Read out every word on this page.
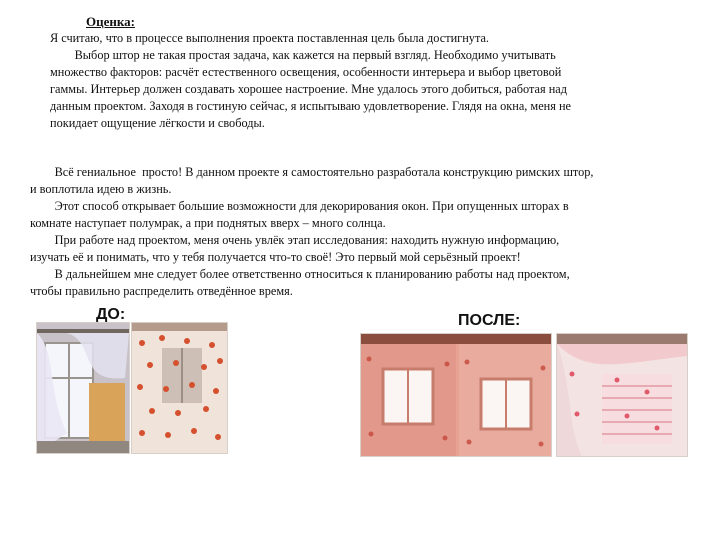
Оценка:

Я считаю, что в процессе выполнения проекта поставленная цель была достигнута.
Выбор штор не такая простая задача, как кажется на первый взгляд. Необходимо учитывать
множество факторов: расчёт естественного освещения, особенности интерьера и выбор цветовой
гаммы. Интерьер должен создавать хорошее настроение. Мне удалось этого добиться, работая над
данным проектом. Заходя в гостиную сейчас, я испытываю удовлетворение. Глядя на окна, меня не
покидает ощущение лёгкости и свободы.

Всё гениальное  просто! В данном проекте я самостоятельно разработала конструкцию римских штор,
и воплотила идею в жизнь.
Этот способ открывает большие возможности для декорирования окон. При опущенных шторах в
комнате наступает полумрак, а при поднятых вверх – много солнца.
При работе над проектом, меня очень увлёк этап исследования: находить нужную информацию,
изучать её и понимать, что у тебя получается что-то своё! Это первый мой серьёзный проект!
В дальнейшем мне следует более ответственно относиться к планированию работы над проектом,
чтобы правильно распределить отведённое время.

ДО:	ПОСЛЕ:
